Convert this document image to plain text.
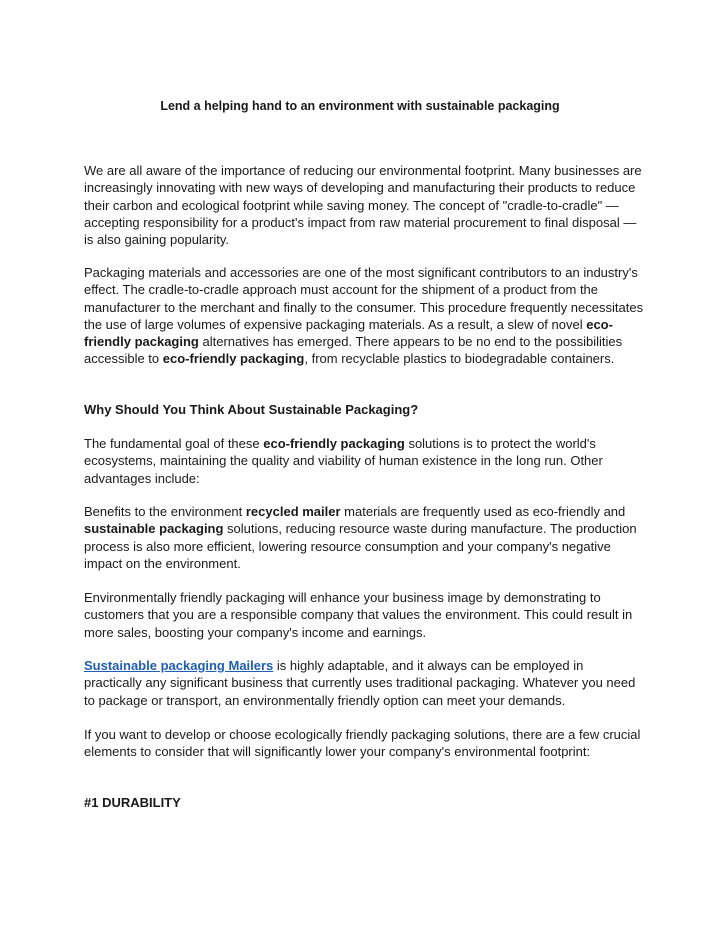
Lend a helping hand to an environment with sustainable packaging

We are all aware of the importance of reducing our environmental footprint. Many businesses are increasingly innovating with new ways of developing and manufacturing their products to reduce their carbon and ecological footprint while saving money. The concept of "cradle-to-cradle" — accepting responsibility for a product's impact from raw material procurement to final disposal — is also gaining popularity.

Packaging materials and accessories are one of the most significant contributors to an industry's effect. The cradle-to-cradle approach must account for the shipment of a product from the manufacturer to the merchant and finally to the consumer. This procedure frequently necessitates the use of large volumes of expensive packaging materials. As a result, a slew of novel eco-friendly packaging alternatives has emerged. There appears to be no end to the possibilities accessible to eco-friendly packaging, from recyclable plastics to biodegradable containers.

Why Should You Think About Sustainable Packaging?

The fundamental goal of these eco-friendly packaging solutions is to protect the world's ecosystems, maintaining the quality and viability of human existence in the long run. Other advantages include:

Benefits to the environment recycled mailer materials are frequently used as eco-friendly and sustainable packaging solutions, reducing resource waste during manufacture. The production process is also more efficient, lowering resource consumption and your company's negative impact on the environment.

Environmentally friendly packaging will enhance your business image by demonstrating to customers that you are a responsible company that values the environment. This could result in more sales, boosting your company's income and earnings.

Sustainable packaging Mailers is highly adaptable, and it always can be employed in practically any significant business that currently uses traditional packaging. Whatever you need to package or transport, an environmentally friendly option can meet your demands.

If you want to develop or choose ecologically friendly packaging solutions, there are a few crucial elements to consider that will significantly lower your company's environmental footprint:

#1 DURABILITY
